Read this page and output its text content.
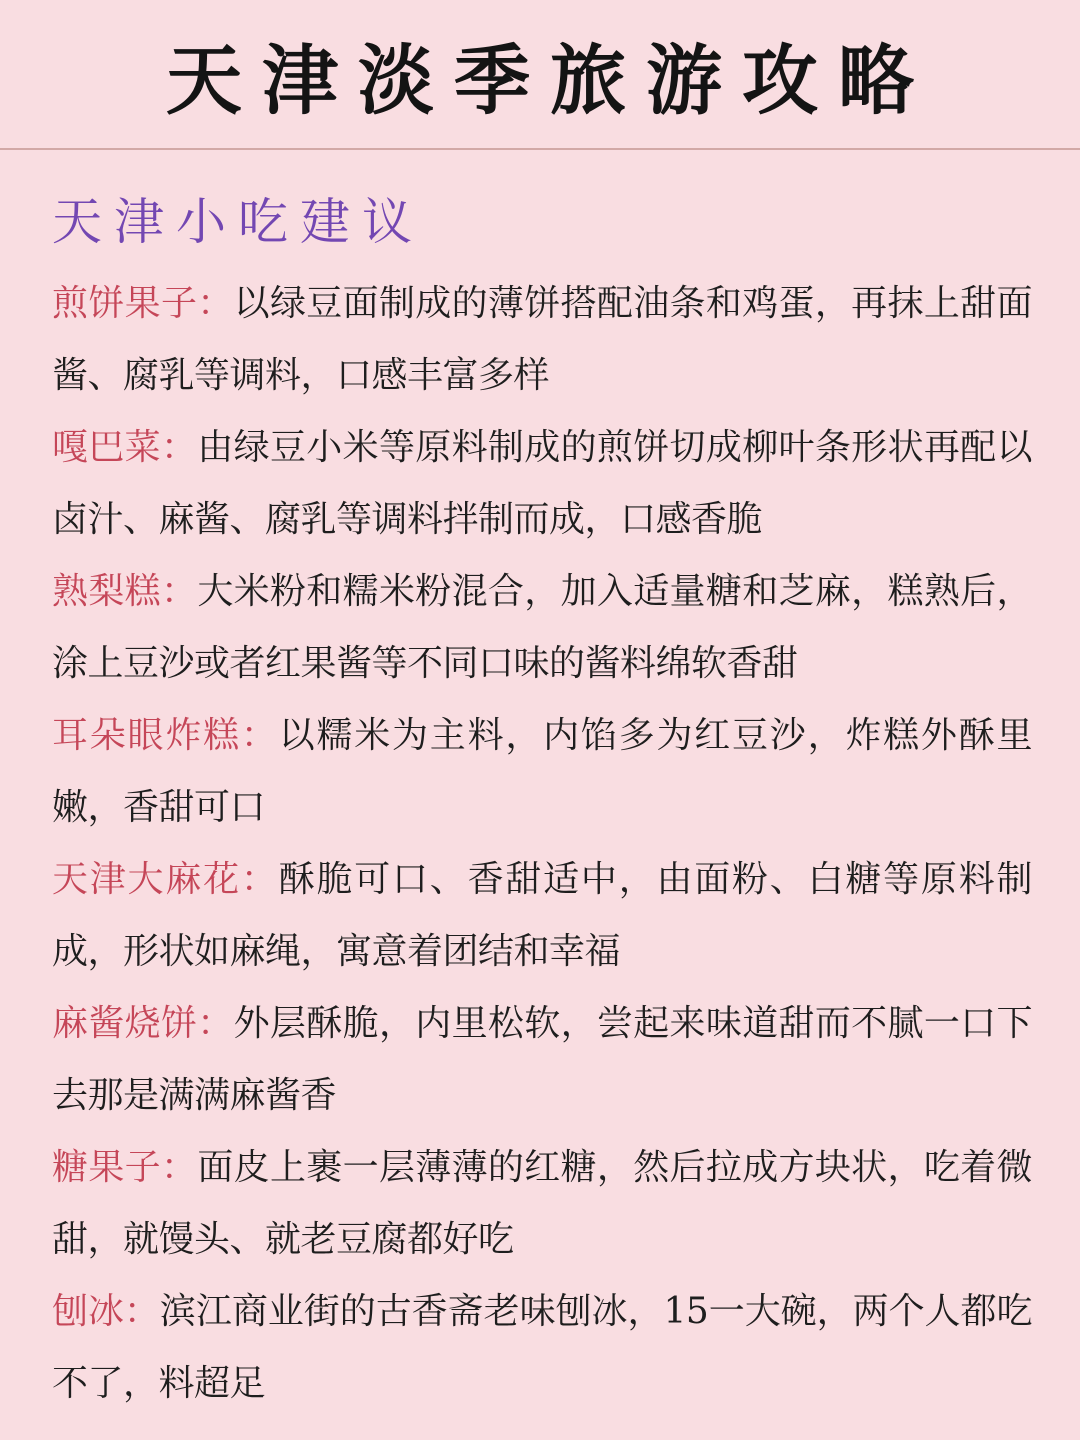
天津淡季旅游攻略
天津小吃建议

煎饼果子：以绿豆面制成的薄饼搭配油条和鸡蛋，再抹上甜面酱、腐乳等调料，口感丰富多样

嘎巴菜：由绿豆小米等原料制成的煎饼切成柳叶条形状再配以卤汁、麻酱、腐乳等调料拌制而成，口感香脆

熟梨糕：大米粉和糯米粉混合，加入适量糖和芝麻，糕熟后，涂上豆沙或者红果酱等不同口味的酱料绵软香甜

耳朵眼炸糕：以糯米为主料，内馅多为红豆沙，炸糕外酥里嫩，香甜可口

天津大麻花：酥脆可口、香甜适中，由面粉、白糖等原料制成，形状如麻绳，寓意着团结和幸福

麻酱烧饼：外层酥脆，内里松软，尝起来味道甜而不腻一口下去那是满满麻酱香

糖果子：面皮上裹一层薄薄的红糖，然后拉成方块状，吃着微甜，就馒头、就老豆腐都好吃

刨冰：滨江商业街的古香斋老味刨冰，15一大碗，两个人都吃不了，料超足
